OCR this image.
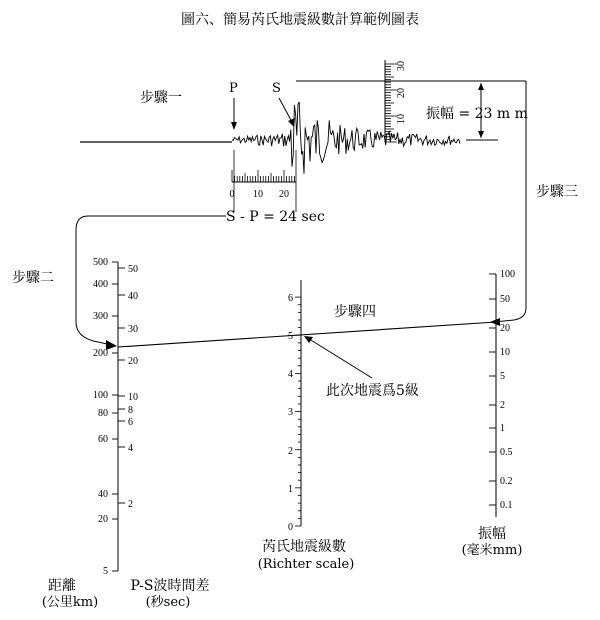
圖六、簡易芮氏地震級數計算範例圖表
步驟一
步驟二
步驟三
步驟四
P	S
0 10 20
10
20
30
振幅 = 23 m m
S - P = 24 sec
此次地震爲5級
500
400
300
200
100
80
60
40
20
5
50
40
30
20
10
8
6
4
2
6
5
4
3
2
1
0
100
50
20
10
5
2
1
0.5
0.2
0.1
距離
(公里km)
P-S波時間差
(秒sec)
芮氏地震級數
(Richter scale)
振幅
(毫米mm)
